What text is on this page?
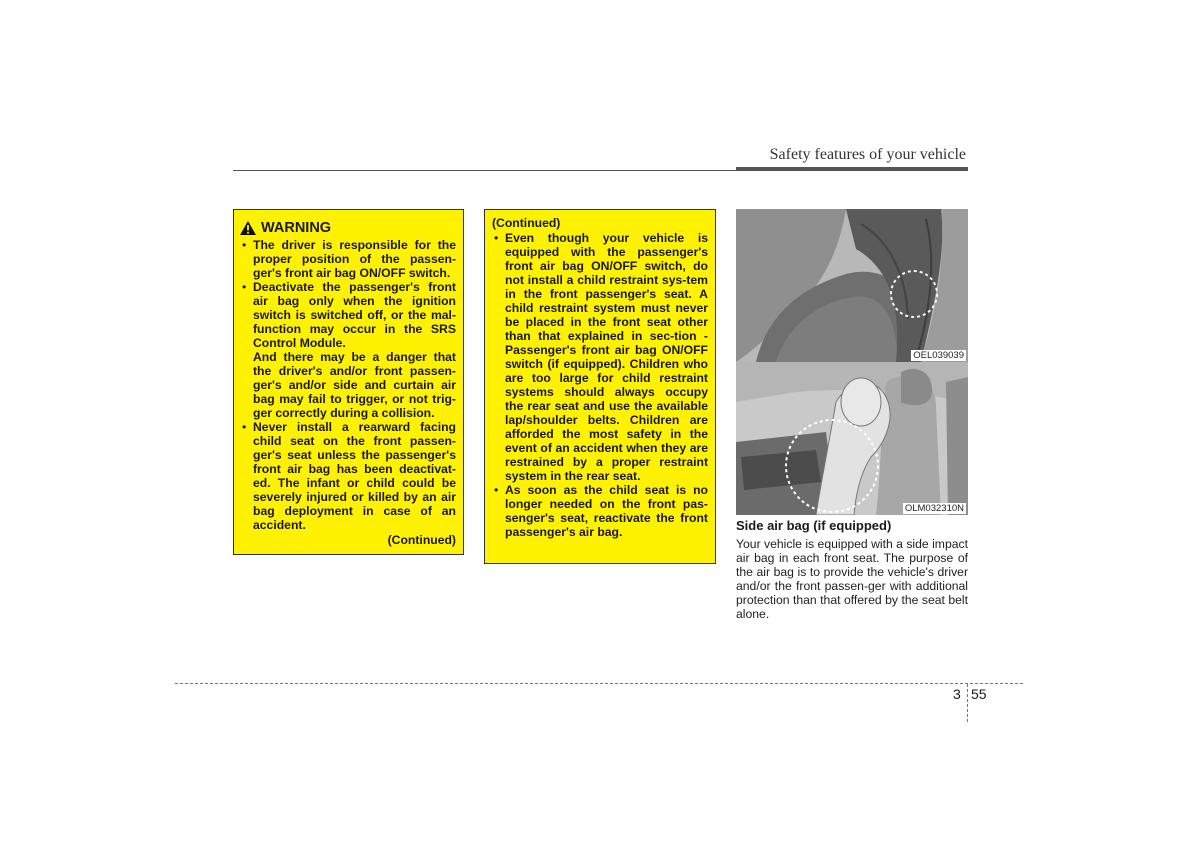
Safety features of your vehicle
WARNING
• The driver is responsible for the proper position of the passen-ger's front air bag ON/OFF switch.
• Deactivate the passenger's front air bag only when the ignition switch is switched off, or the mal-function may occur in the SRS Control Module.

And there may be a danger that the driver's and/or front passen-ger's and/or side and curtain air bag may fail to trigger, or not trig-ger correctly during a collision.

• Never install a rearward facing child seat on the front passen-ger's seat unless the passenger's front air bag has been deactivat-ed. The infant or child could be severely injured or killed by an air bag deployment in case of an accident.
(Continued)
(Continued)
• Even though your vehicle is equipped with the passenger's front air bag ON/OFF switch, do not install a child restraint sys-tem in the front passenger's seat. A child restraint system must never be placed in the front seat other than that explained in sec-tion - Passenger's front air bag ON/OFF switch (if equipped). Children who are too large for child restraint systems should always occupy the rear seat and use the available lap/shoulder belts. Children are afforded the most safety in the event of an accident when they are restrained by a proper restraint system in the rear seat.
• As soon as the child seat is no longer needed on the front pas-senger's seat, reactivate the front passenger's air bag.
OEL039039
OLM032310N
Side air bag (if equipped)
Your vehicle is equipped with a side impact air bag in each front seat. The purpose of the air bag is to provide the vehicle's driver and/or the front passen-ger with additional protection than that offered by the seat belt alone.
3 55
